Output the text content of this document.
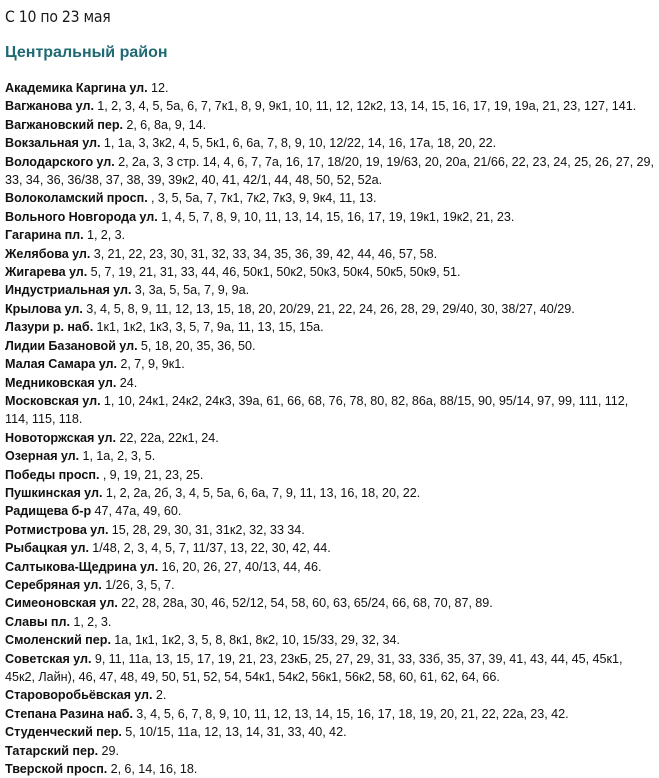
С 10 по 23 мая
Центральный район
Академика Каргина ул. 12.
Вагжанова ул. 1, 2, 3, 4, 5, 5а, 6, 7, 7к1, 8, 9, 9к1, 10, 11, 12, 12к2, 13, 14, 15, 16, 17, 19, 19а, 21, 23, 127, 141.
Вагжановский пер. 2, 6, 8а, 9, 14.
Вокзальная ул. 1, 1а, 3, 3к2, 4, 5, 5к1, 6, 6а, 7, 8, 9, 10, 12/22, 14, 16, 17а, 18, 20, 22.
Володарского ул. 2, 2а, 3, 3 стр. 14, 4, 6, 7, 7а, 16, 17, 18/20, 19, 19/63, 20, 20а, 21/66, 22, 23, 24, 25, 26, 27, 29, 33, 34, 36, 36/38, 37, 38, 39, 39к2, 40, 41, 42/1, 44, 48, 50, 52, 52а.
Волоколамский просп. , 3, 5, 5а, 7, 7к1, 7к2, 7к3, 9, 9к4, 11, 13.
Вольного Новгорода ул. 1, 4, 5, 7, 8, 9, 10, 11, 13, 14, 15, 16, 17, 19, 19к1, 19к2, 21, 23.
Гагарина пл. 1, 2, 3.
Желябова ул. 3, 21, 22, 23, 30, 31, 32, 33, 34, 35, 36, 39, 42, 44, 46, 57, 58.
Жигарева ул. 5, 7, 19, 21, 31, 33, 44, 46, 50к1, 50к2, 50к3, 50к4, 50к5, 50к9, 51.
Индустриальная ул. 3, 3а, 5, 5а, 7, 9, 9а.
Крылова ул. 3, 4, 5, 8, 9, 11, 12, 13, 15, 18, 20, 20/29, 21, 22, 24, 26, 28, 29, 29/40, 30, 38/27, 40/29.
Лазури р. наб. 1к1, 1к2, 1к3, 3, 5, 7, 9а, 11, 13, 15, 15а.
Лидии Базановой ул. 5, 18, 20, 35, 36, 50.
Малая Самара ул. 2, 7, 9, 9к1.
Медниковская ул. 24.
Московская ул. 1, 10, 24к1, 24к2, 24к3, 39а, 61, 66, 68, 76, 78, 80, 82, 86а, 88/15, 90, 95/14, 97, 99, 111, 112, 114, 115, 118.
Новоторжская ул. 22, 22а, 22к1, 24.
Озерная ул. 1, 1а, 2, 3, 5.
Победы просп. , 9, 19, 21, 23, 25.
Пушкинская ул. 1, 2, 2а, 2б, 3, 4, 5, 5а, 6, 6а, 7, 9, 11, 13, 16, 18, 20, 22.
Радищева б-р 47, 47а, 49, 60.
Ротмистрова ул. 15, 28, 29, 30, 31, 31к2, 32, 33 34.
Рыбацкая ул. 1/48, 2, 3, 4, 5, 7, 11/37, 13, 22, 30, 42, 44.
Салтыкова-Щедрина ул. 16, 20, 26, 27, 40/13, 44, 46.
Серебряная ул. 1/26, 3, 5, 7.
Симеоновская ул. 22, 28, 28а, 30, 46, 52/12, 54, 58, 60, 63, 65/24, 66, 68, 70, 87, 89.
Славы пл. 1, 2, 3.
Смоленский пер. 1а, 1к1, 1к2, 3, 5, 8, 8к1, 8к2, 10, 15/33, 29, 32, 34.
Советская ул. 9, 11, 11а, 13, 15, 17, 19, 21, 23, 23кБ, 25, 27, 29, 31, 33, 33б, 35, 37, 39, 41, 43, 44, 45, 45к1, 45к2, Лайн), 46, 47, 48, 49, 50, 51, 52, 54, 54к1, 54к2, 56к1, 56к2, 58, 60, 61, 62, 64, 66.
Староворобьёвская ул. 2.
Степана Разина наб. 3, 4, 5, 6, 7, 8, 9, 10, 11, 12, 13, 14, 15, 16, 17, 18, 19, 20, 21, 22, 22а, 23, 42.
Студенческий пер. 5, 10/15, 11а, 12, 13, 14, 31, 33, 40, 42.
Татарский пер. 29.
Тверской просп. 2, 6, 14, 16, 18.
